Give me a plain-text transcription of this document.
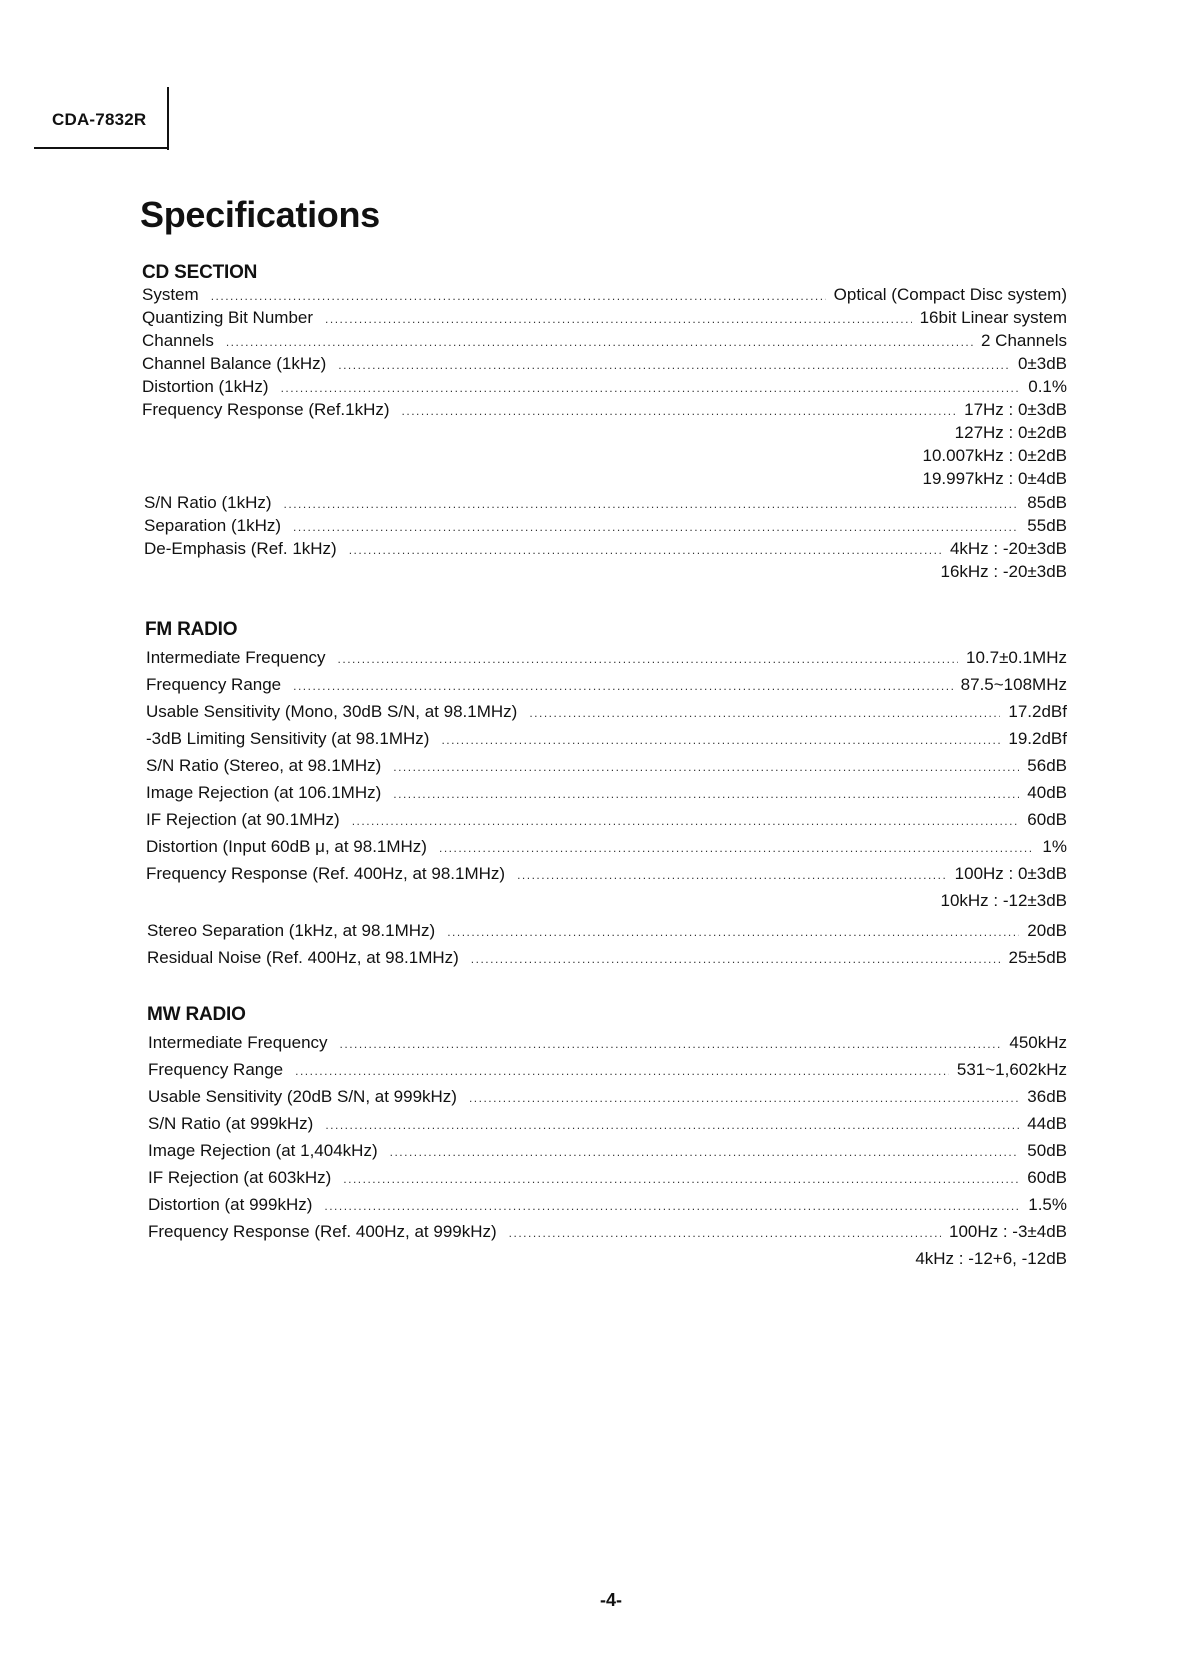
CDA-7832R
Specifications
CD SECTION
System .....	Optical (Compact Disc system)
Quantizing Bit Number .....	16bit Linear system
Channels .....	2 Channels
Channel Balance (1kHz) .....	0±3dB
Distortion (1kHz) .....	0.1%
Frequency Response (Ref.1kHz) .....	17Hz : 0±3dB
127Hz : 0±2dB
10.007kHz : 0±2dB
19.997kHz : 0±4dB
S/N Ratio (1kHz) .....	85dB
Separation (1kHz) .....	55dB
De-Emphasis (Ref. 1kHz) .....	4kHz : -20±3dB
16kHz : -20±3dB
FM RADIO
Intermediate Frequency .....	10.7±0.1MHz
Frequency Range .....	87.5~108MHz
Usable Sensitivity (Mono, 30dB S/N, at 98.1MHz) .....	17.2dBf
-3dB Limiting Sensitivity (at 98.1MHz) .....	19.2dBf
S/N Ratio (Stereo, at 98.1MHz) .....	56dB
Image Rejection (at 106.1MHz) .....	40dB
IF Rejection (at 90.1MHz) .....	60dB
Distortion (Input 60dB μ, at 98.1MHz) .....	1%
Frequency Response (Ref. 400Hz, at 98.1MHz) .....	100Hz : 0±3dB
10kHz : -12±3dB
Stereo Separation (1kHz, at 98.1MHz) .....	20dB
Residual Noise (Ref. 400Hz, at 98.1MHz) .....	25±5dB
MW RADIO
Intermediate Frequency .....	450kHz
Frequency Range .....	531~1,602kHz
Usable Sensitivity (20dB S/N, at 999kHz) .....	36dB
S/N Ratio (at 999kHz) .....	44dB
Image Rejection (at 1,404kHz) .....	50dB
IF Rejection (at 603kHz) .....	60dB
Distortion (at 999kHz) .....	1.5%
Frequency Response (Ref. 400Hz, at 999kHz) .....	100Hz : -3±4dB
4kHz : -12+6, -12dB
-4-
